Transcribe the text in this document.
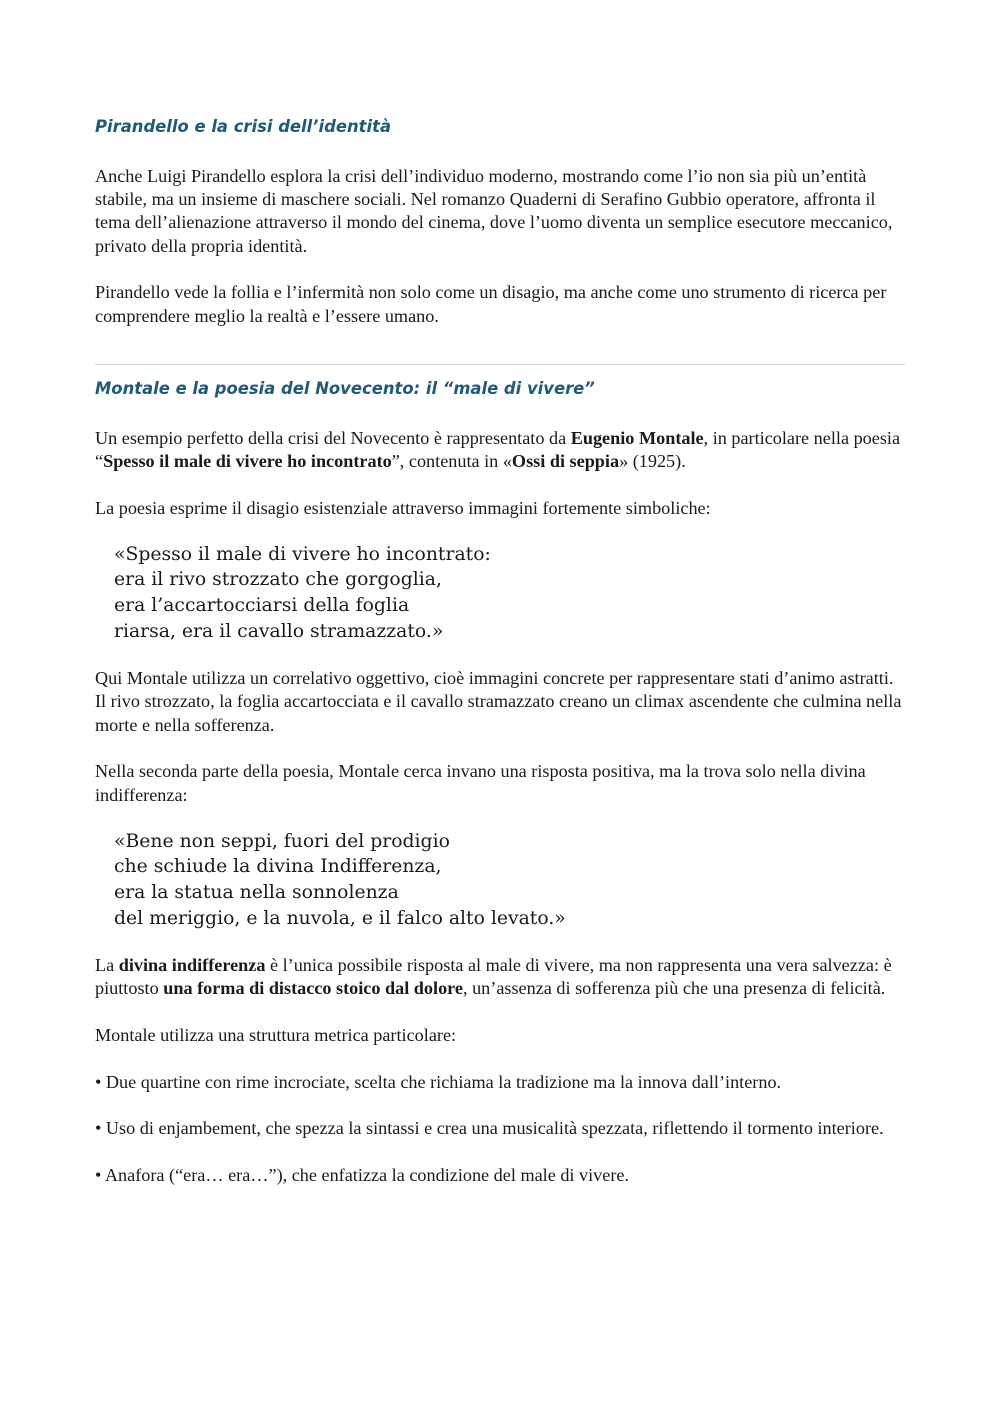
Pirandello e la crisi dell’identità

Anche Luigi Pirandello esplora la crisi dell’individuo moderno, mostrando come l’io non sia più un’entità stabile, ma un insieme di maschere sociali. Nel romanzo Quaderni di Serafino Gubbio operatore, affronta il tema dell’alienazione attraverso il mondo del cinema, dove l’uomo diventa un semplice esecutore meccanico, privato della propria identità.

Pirandello vede la follia e l’infermità non solo come un disagio, ma anche come uno strumento di ricerca per comprendere meglio la realtà e l’essere umano.

Montale e la poesia del Novecento: il “male di vivere”

Un esempio perfetto della crisi del Novecento è rappresentato da Eugenio Montale, in particolare nella poesia “Spesso il male di vivere ho incontrato”, contenuta in «Ossi di seppia» (1925).

La poesia esprime il disagio esistenziale attraverso immagini fortemente simboliche:

«Spesso il male di vivere ho incontrato:
era il rivo strozzato che gorgoglia,
era l’accartocciarsi della foglia
riarsa, era il cavallo stramazzato.»

Qui Montale utilizza un correlativo oggettivo, cioè immagini concrete per rappresentare stati d’animo astratti. Il rivo strozzato, la foglia accartocciata e il cavallo stramazzato creano un climax ascendente che culmina nella morte e nella sofferenza.

Nella seconda parte della poesia, Montale cerca invano una risposta positiva, ma la trova solo nella divina indifferenza:

«Bene non seppi, fuori del prodigio
che schiude la divina Indifferenza,
era la statua nella sonnolenza
del meriggio, e la nuvola, e il falco alto levato.»

La divina indifferenza è l’unica possibile risposta al male di vivere, ma non rappresenta una vera salvezza: è piuttosto una forma di distacco stoico dal dolore, un’assenza di sofferenza più che una presenza di felicità.

Montale utilizza una struttura metrica particolare:

• Due quartine con rime incrociate, scelta che richiama la tradizione ma la innova dall’interno.

• Uso di enjambement, che spezza la sintassi e crea una musicalità spezzata, riflettendo il tormento interiore.

• Anafora (“era… era…”), che enfatizza la condizione del male di vivere.
